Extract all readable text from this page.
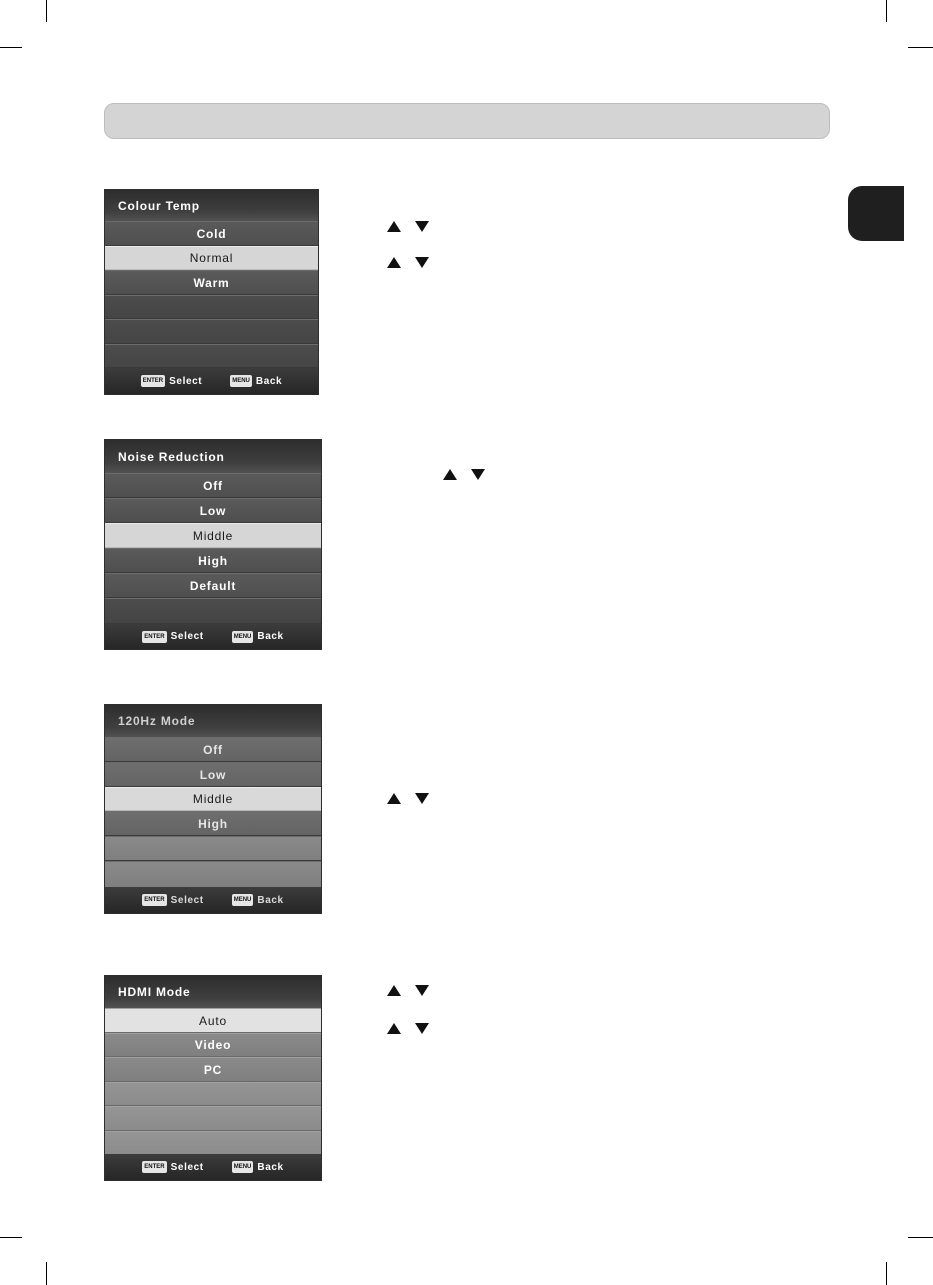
Colour Temp
Cold
Normal
Warm
ENTER Select	MENU Back
Noise Reduction
Off
Low
Middle
High
Default
ENTER Select	MENU Back
120Hz Mode
Off
Low
Middle
High
ENTER Select	MENU Back
HDMI Mode
Auto
Video
PC
ENTER Select	MENU Back
